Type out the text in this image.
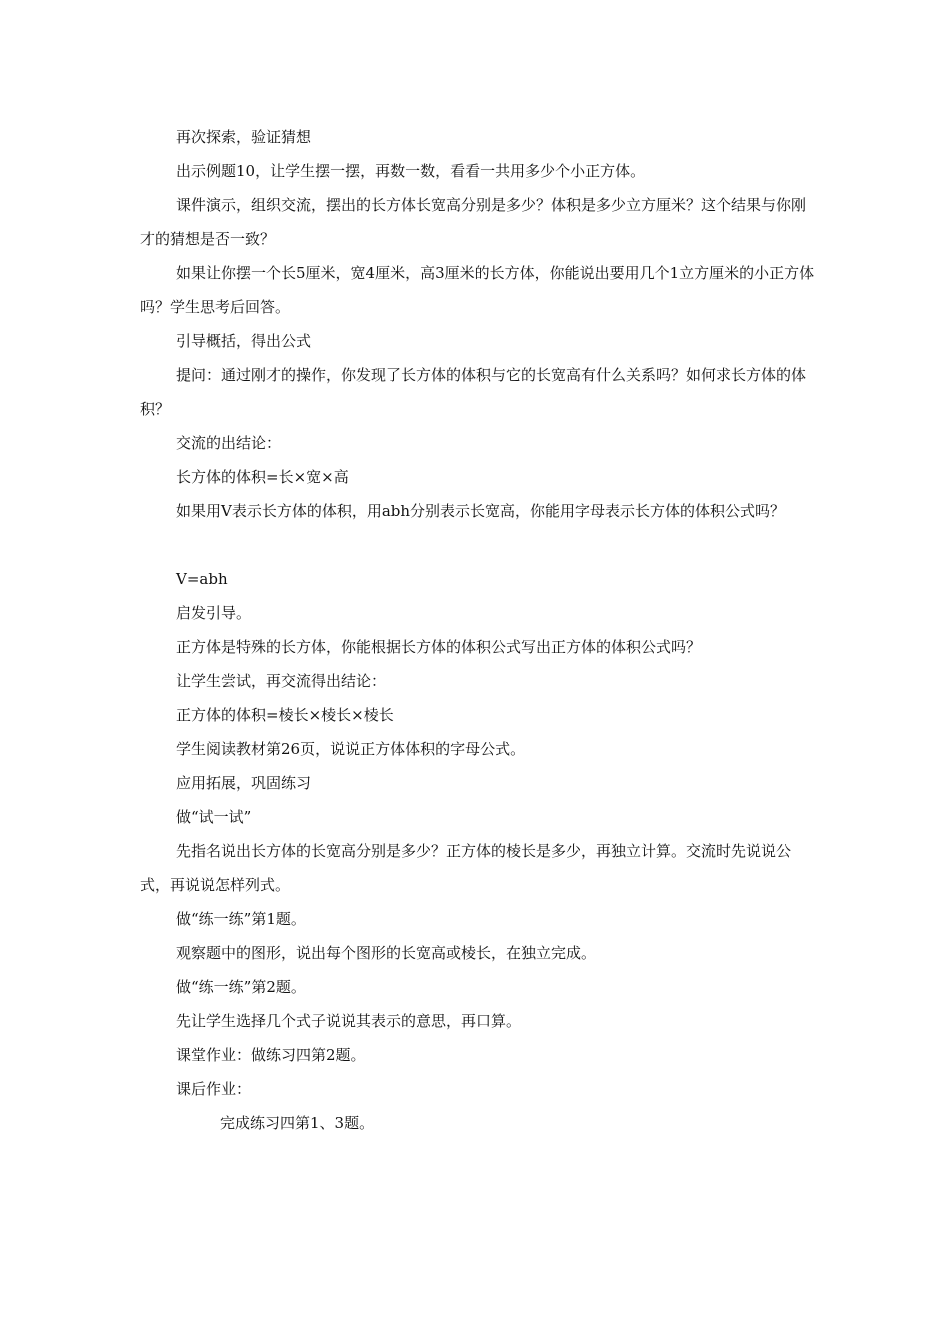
再次探索，验证猜想
出示例题10，让学生摆一摆，再数一数，看看一共用多少个小正方体。
课件演示，组织交流，摆出的长方体长宽高分别是多少？体积是多少立方厘米？这个结果与你刚才的猜想是否一致？
如果让你摆一个长5厘米，宽4厘米，高3厘米的长方体，你能说出要用几个1立方厘米的小正方体吗？学生思考后回答。
引导概括，得出公式
提问：通过刚才的操作，你发现了长方体的体积与它的长宽高有什么关系吗？如何求长方体的体积？
交流的出结论：
长方体的体积=长×宽×高
如果用V表示长方体的体积，用abh分别表示长宽高，你能用字母表示长方体的体积公式吗？
V=abh
启发引导。
正方体是特殊的长方体，你能根据长方体的体积公式写出正方体的体积公式吗？
让学生尝试，再交流得出结论：
正方体的体积=棱长×棱长×棱长
学生阅读教材第26页，说说正方体体积的字母公式。
应用拓展，巩固练习
做“试一试”
先指名说出长方体的长宽高分别是多少？正方体的棱长是多少，再独立计算。交流时先说说公式，再说说怎样列式。
做“练一练”第1题。
观察题中的图形，说出每个图形的长宽高或棱长，在独立完成。
做“练一练”第2题。
先让学生选择几个式子说说其表示的意思，再口算。
课堂作业：做练习四第2题。
课后作业：
完成练习四第1、3题。
